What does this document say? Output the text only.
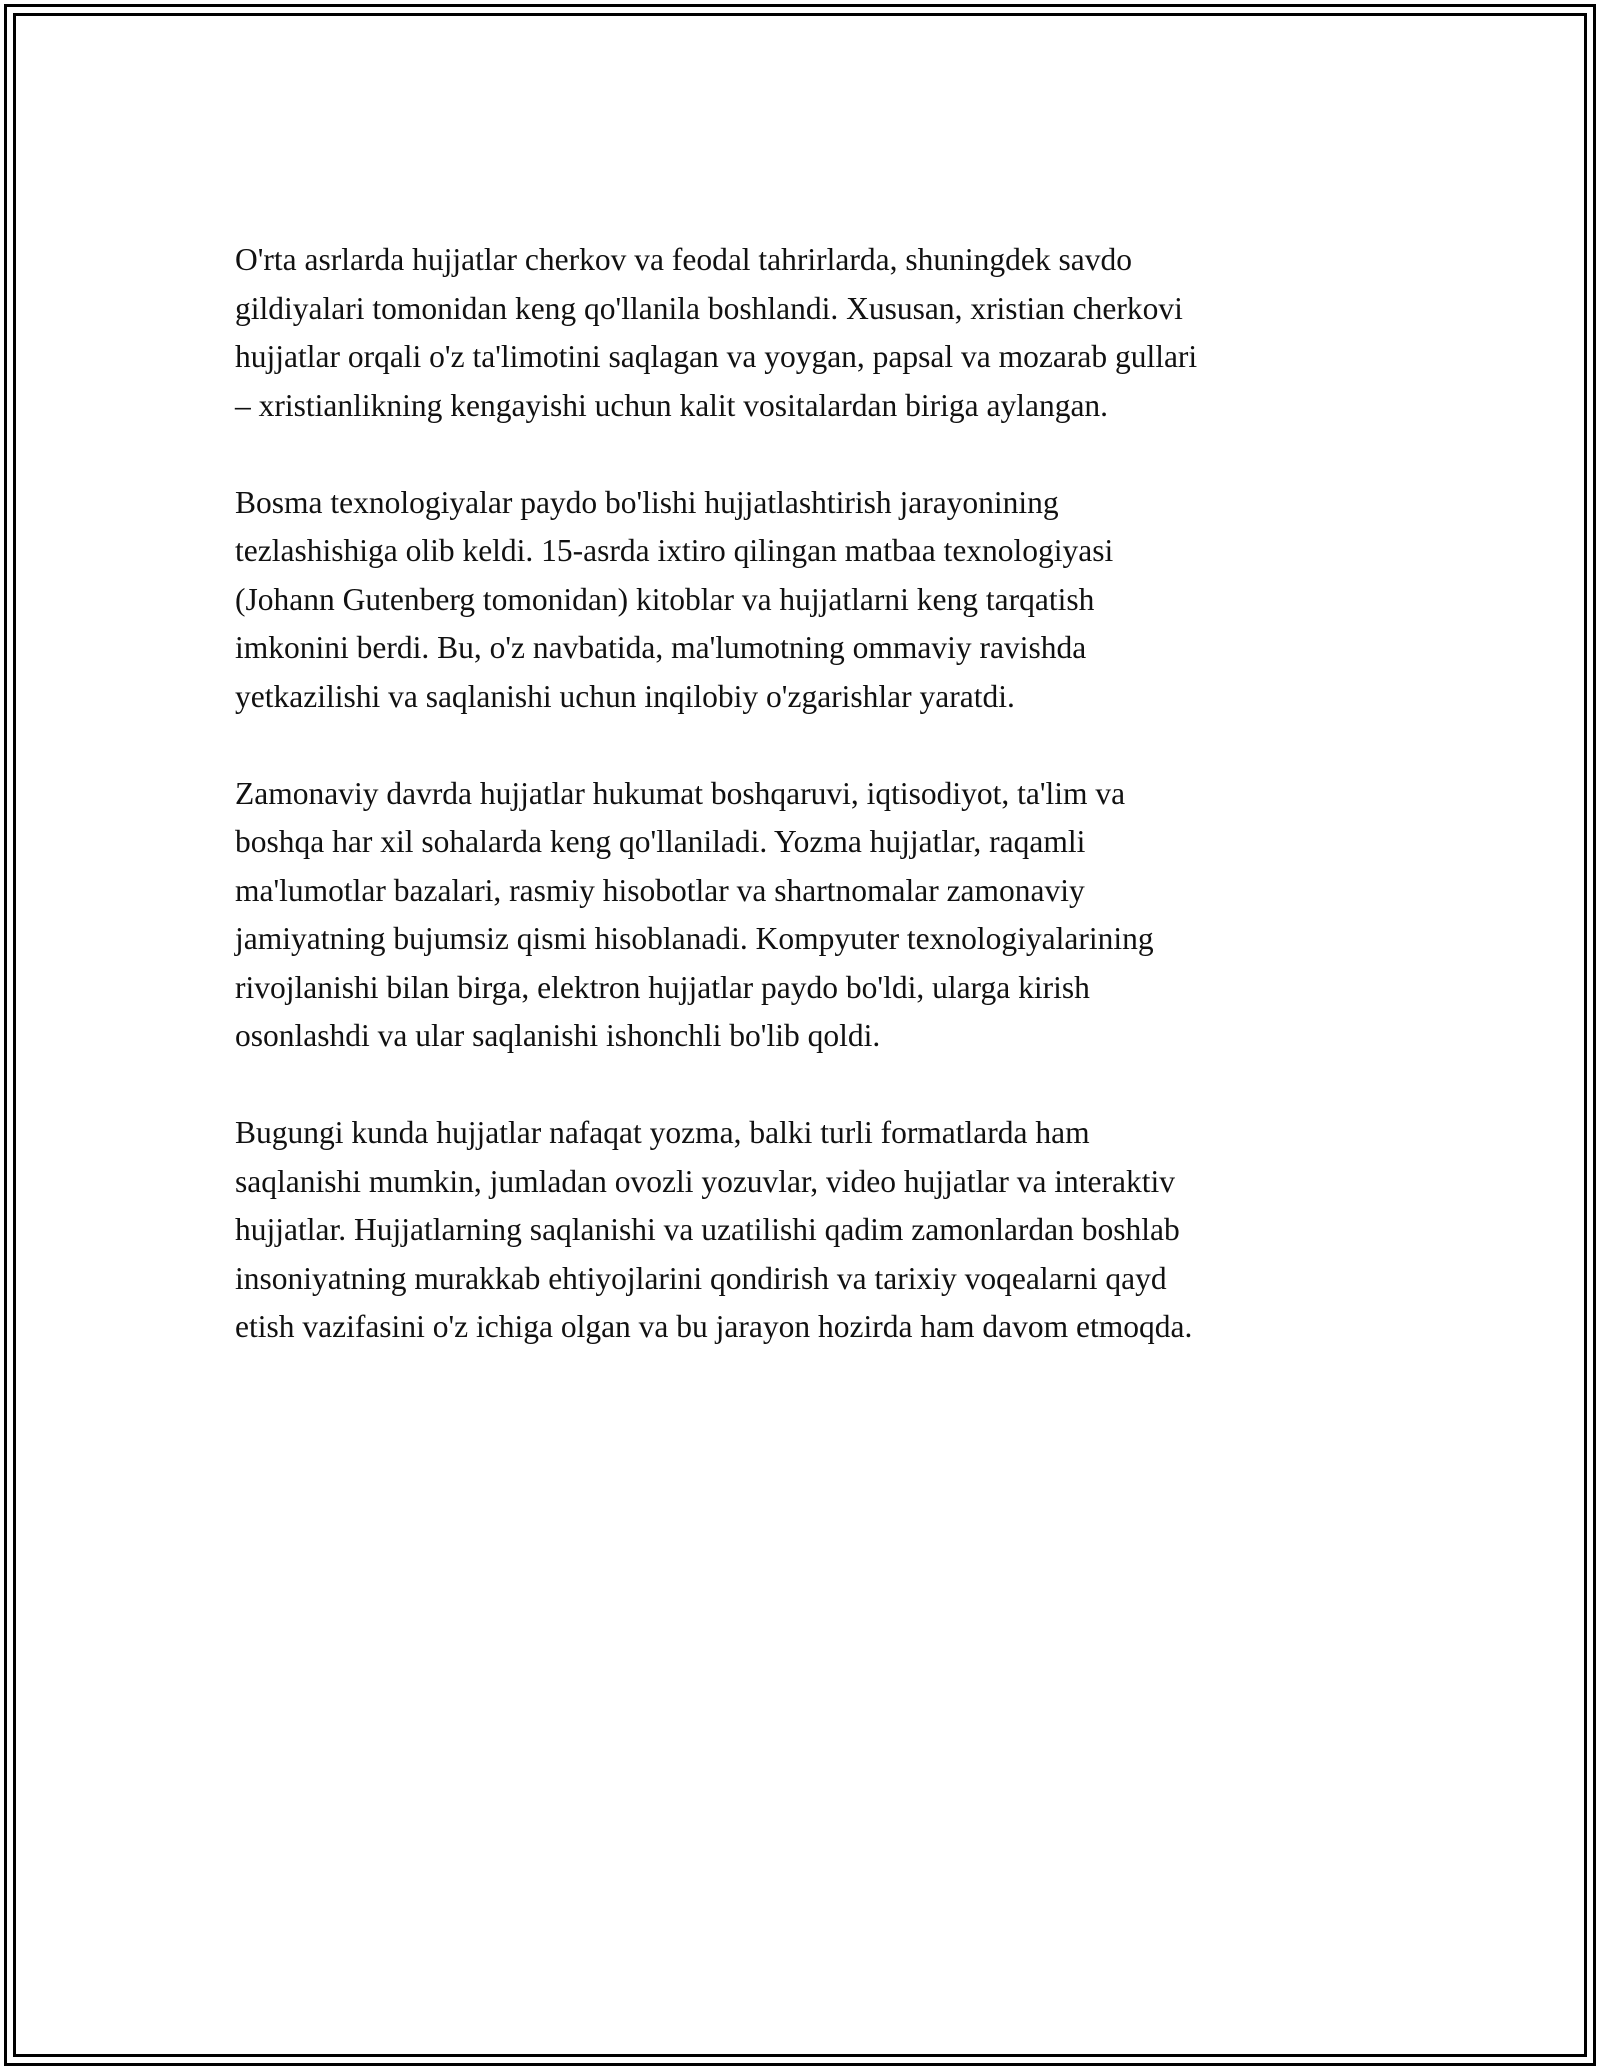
O'rta asrlarda hujjatlar cherkov va feodal tahrirlarda, shuningdek savdo
gildiyalari tomonidan keng qo'llanila boshlandi. Xususan, xristian cherkovi
hujjatlar orqali o'z ta'limotini saqlagan va yoygan, papsal va mozarab gullari
– xristianlikning kengayishi uchun kalit vositalardan biriga aylangan.

Bosma texnologiyalar paydo bo'lishi hujjatlashtirish jarayonining
tezlashishiga olib keldi. 15-asrda ixtiro qilingan matbaa texnologiyasi
(Johann Gutenberg tomonidan) kitoblar va hujjatlarni keng tarqatish
imkonini berdi. Bu, o'z navbatida, ma'lumotning ommaviy ravishda
yetkazilishi va saqlanishi uchun inqilobiy o'zgarishlar yaratdi.

Zamonaviy davrda hujjatlar hukumat boshqaruvi, iqtisodiyot, ta'lim va
boshqa har xil sohalarda keng qo'llaniladi. Yozma hujjatlar, raqamli
ma'lumotlar bazalari, rasmiy hisobotlar va shartnomalar zamonaviy
jamiyatning bujumsiz qismi hisoblanadi. Kompyuter texnologiyalarining
rivojlanishi bilan birga, elektron hujjatlar paydo bo'ldi, ularga kirish
osonlashdi va ular saqlanishi ishonchli bo'lib qoldi.

Bugungi kunda hujjatlar nafaqat yozma, balki turli formatlarda ham
saqlanishi mumkin, jumladan ovozli yozuvlar, video hujjatlar va interaktiv
hujjatlar. Hujjatlarning saqlanishi va uzatilishi qadim zamonlardan boshlab
insoniyatning murakkab ehtiyojlarini qondirish va tarixiy voqealarni qayd
etish vazifasini o'z ichiga olgan va bu jarayon hozirda ham davom etmoqda.
